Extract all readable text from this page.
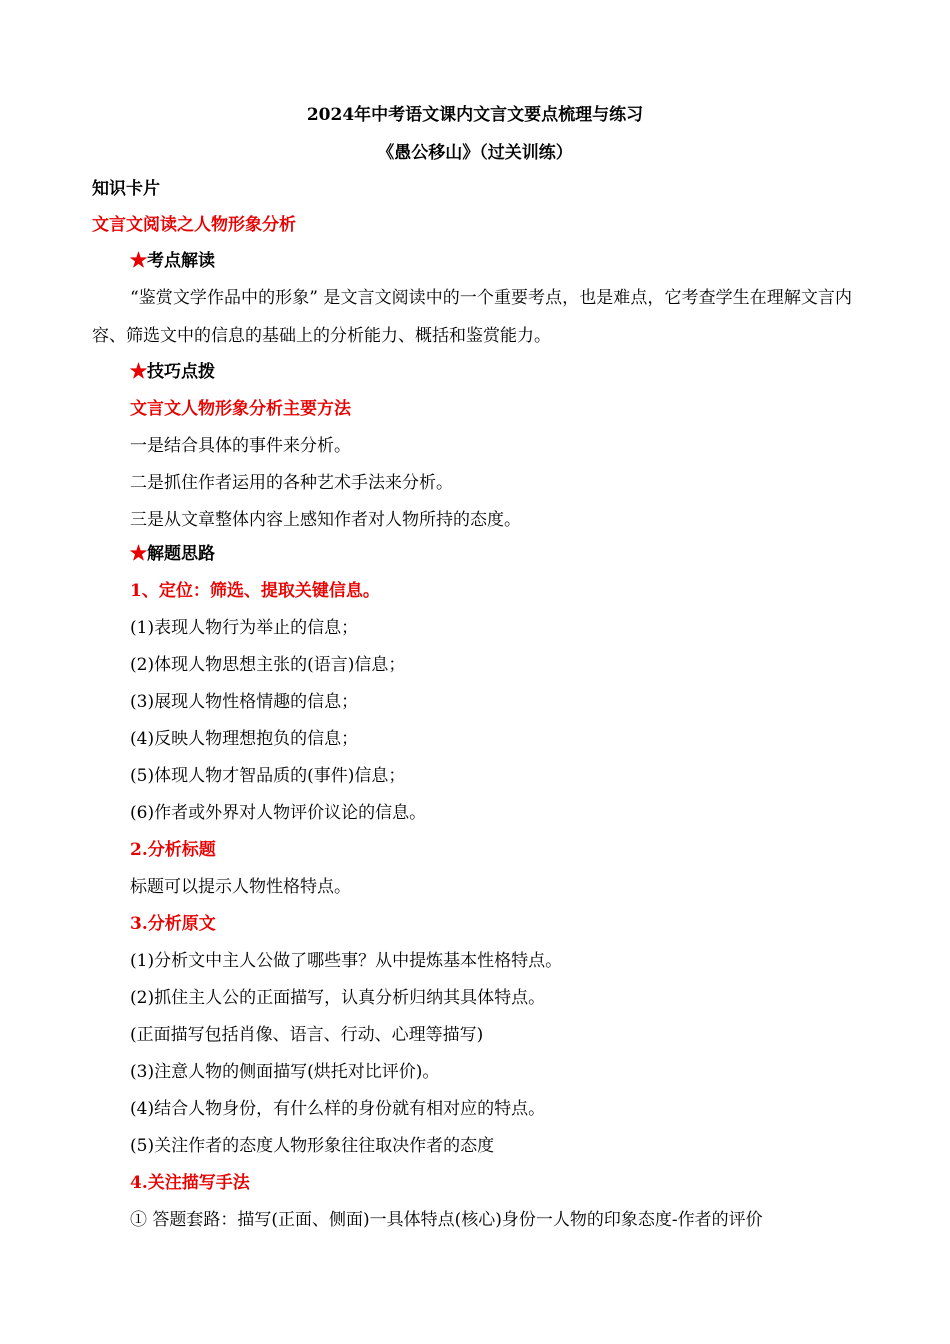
2024年中考语文课内文言文要点梳理与练习
《愚公移山》（过关训练）
知识卡片
文言文阅读之人物形象分析
★考点解读
“鉴赏文学作品中的形象” 是文言文阅读中的一个重要考点，也是难点，它考查学生在理解文言内容、筛选文中的信息的基础上的分析能力、概括和鉴赏能力。
★技巧点拨
文言文人物形象分析主要方法
一是结合具体的事件来分析。
二是抓住作者运用的各种艺术手法来分析。
三是从文章整体内容上感知作者对人物所持的态度。
★解题思路
1、定位：筛选、提取关键信息。
(1)表现人物行为举止的信息；
(2)体现人物思想主张的(语言)信息；
(3)展现人物性格情趣的信息；
(4)反映人物理想抱负的信息；
(5)体现人物才智品质的(事件)信息；
(6)作者或外界对人物评价议论的信息。
2.分析标题
标题可以提示人物性格特点。
3.分析原文
(1)分析文中主人公做了哪些事？从中提炼基本性格特点。
(2)抓住主人公的正面描写，认真分析归纳其具体特点。
(正面描写包括肖像、语言、行动、心理等描写)
(3)注意人物的侧面描写(烘托对比评价)。
(4)结合人物身份，有什么样的身份就有相对应的特点。
(5)关注作者的态度人物形象往往取决作者的态度
4.关注描写手法
① 答题套路：描写(正面、侧面)一具体特点(核心)身份一人物的印象态度-作者的评价
